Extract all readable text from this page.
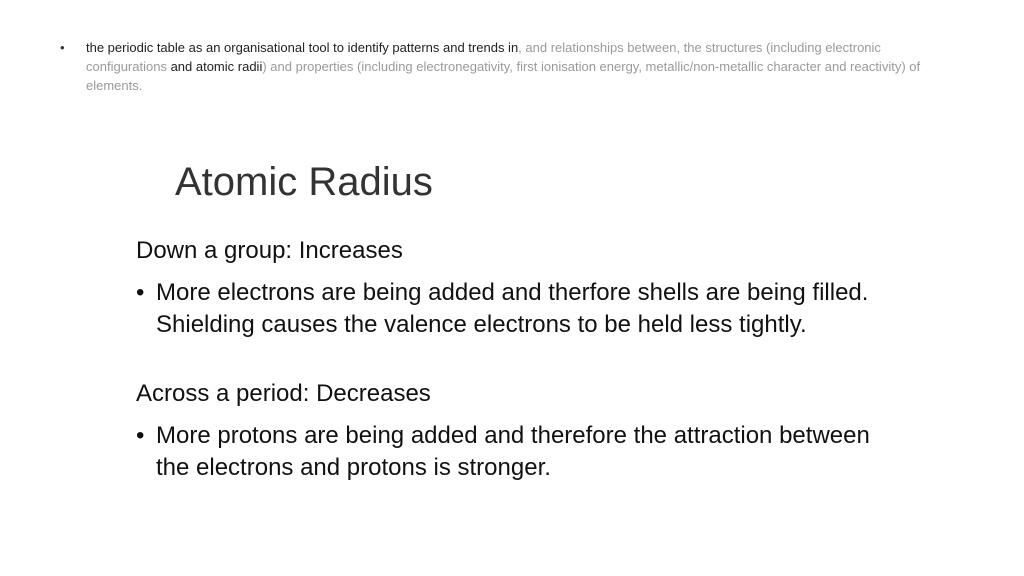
• the periodic table as an organisational tool to identify patterns and trends in, and relationships between, the structures (including electronic configurations and atomic radii) and properties (including electronegativity, first ionisation energy, metallic/non-metallic character and reactivity) of elements.
Atomic Radius

Down a group: Increases

• More electrons are being added and therfore shells are being filled. Shielding causes the valence electrons to be held less tightly.

Across a period: Decreases

• More protons are being added and therefore the attraction between the electrons and protons is stronger.
